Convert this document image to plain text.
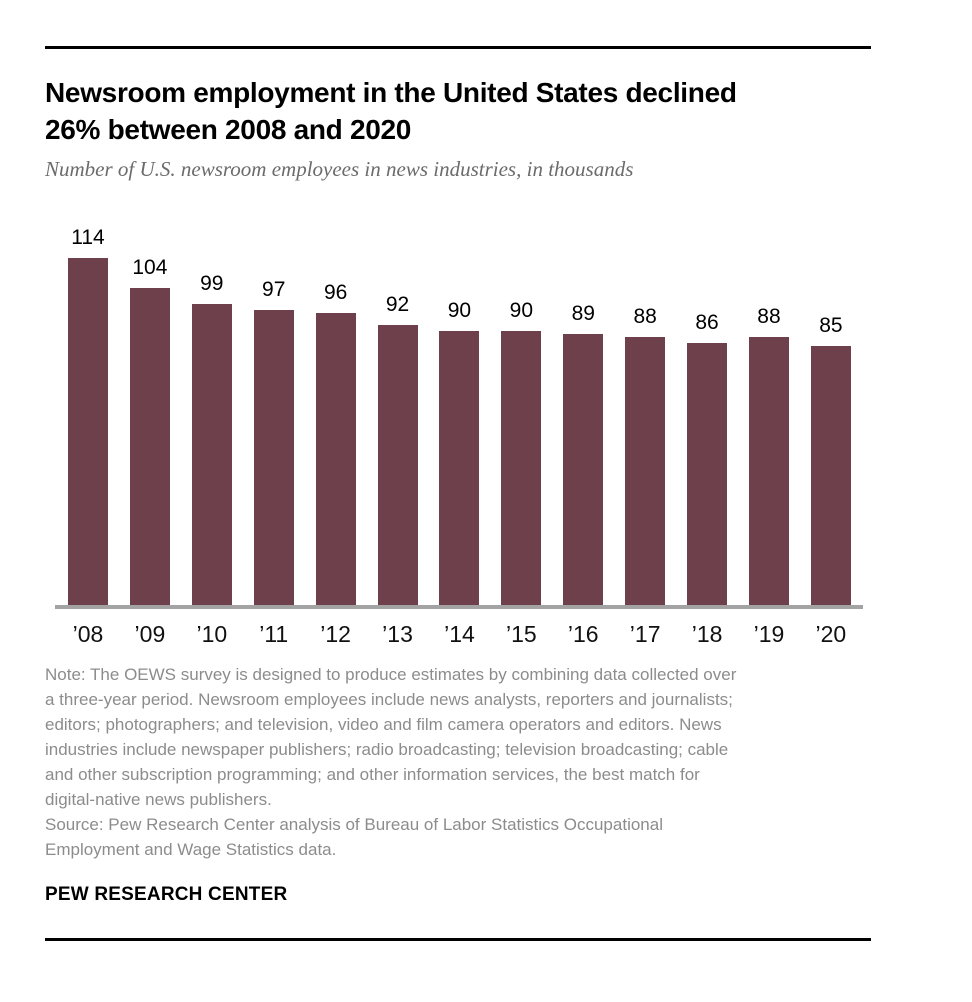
Newsroom employment in the United States declined
26% between 2008 and 2020
Number of U.S. newsroom employees in news industries, in thousands
114
104
99 97 96
92 90 90 89 88 86 88 85
’08 ’09 ’10 ’11 ’12 ’13 ’14 ’15 ’16 ’17 ’18 ’19 ’20
Note: The OEWS survey is designed to produce estimates by combining data collected over
a three-year period. Newsroom employees include news analysts, reporters and journalists;
editors; photographers; and television, video and film camera operators and editors. News
industries include newspaper publishers; radio broadcasting; television broadcasting; cable
and other subscription programming; and other information services, the best match for
digital-native news publishers.
Source: Pew Research Center analysis of Bureau of Labor Statistics Occupational
Employment and Wage Statistics data.
PEW RESEARCH CENTER
